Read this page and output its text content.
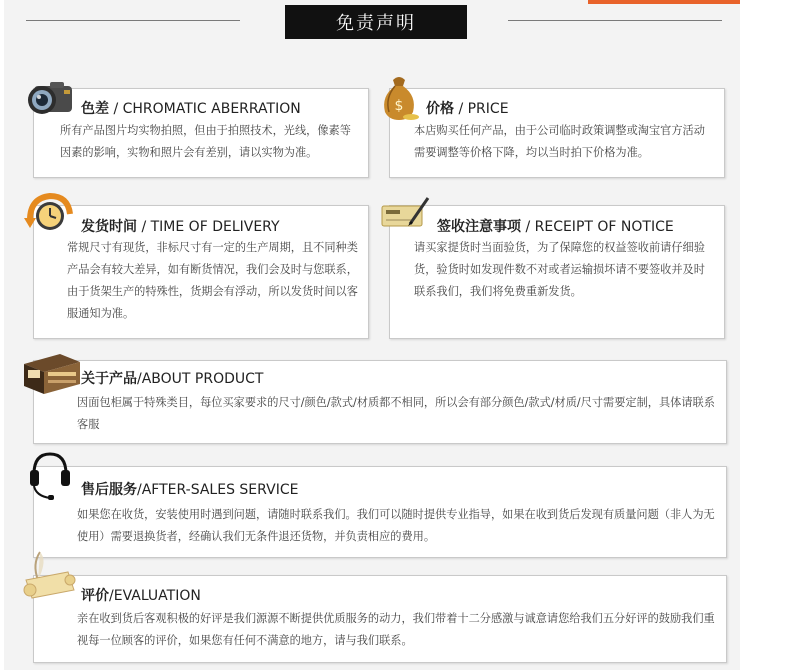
免责声明
色差 / CHROMATIC ABERRATION
所有产品图片均实物拍照，但由于拍照技术，光线，像素等因素的影响，实物和照片会有差别，请以实物为准。
$ 价格 / PRICE
本店购买任何产品，由于公司临时政策调整或淘宝官方活动需要调整等价格下降，均以当时拍下价格为准。
发货时间 / TIME OF DELIVERY
常规尺寸有现货，非标尺寸有一定的生产周期，且不同种类产品会有较大差异，如有断货情况，我们会及时与您联系，由于货架生产的特殊性，货期会有浮动，所以发货时间以客服通知为准。
签收注意事项 / RECEIPT OF NOTICE
请买家提货时当面验货，为了保障您的权益签收前请仔细验货，验货时如发现件数不对或者运输损坏请不要签收并及时联系我们，我们将免费重新发货。
关于产品/ABOUT PRODUCT
因面包柜属于特殊类目，每位买家要求的尺寸/颜色/款式/材质都不相同，所以会有部分颜色/款式/材质/尺寸需要定制，具体请联系客服
售后服务/AFTER-SALES SERVICE
如果您在收货，安装使用时遇到问题，请随时联系我们。我们可以随时提供专业指导，如果在收到货后发现有质量问题（非人为无使用）需要退换货者，经确认我们无条件退还货物，并负责相应的费用。
评价/EVALUATION
亲在收到货后客观积极的好评是我们源源不断提供优质服务的动力，我们带着十二分感激与诚意请您给我们五分好评的鼓励我们重视每一位顾客的评价，如果您有任何不满意的地方，请与我们联系。
